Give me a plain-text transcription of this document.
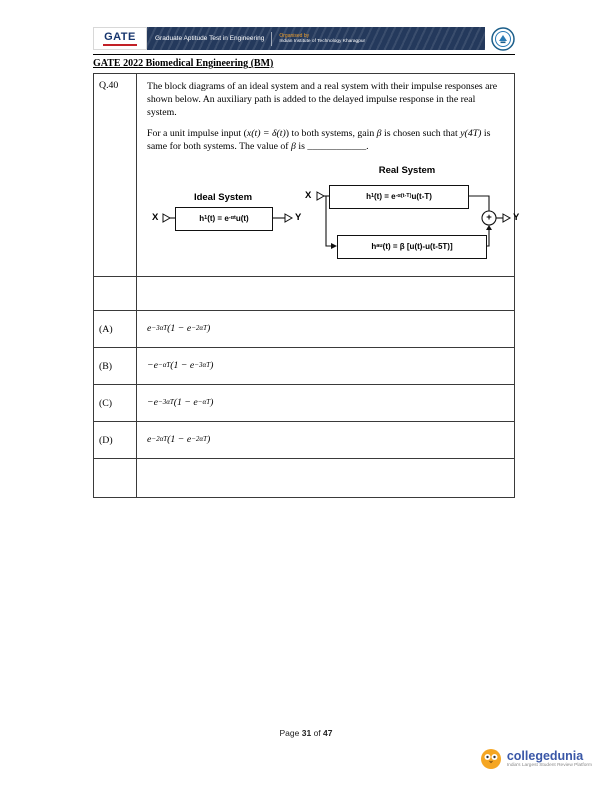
GATE	Graduate Aptitude Test in Engineering	Organised by
Indian Institute of Technology Kharagpur
GATE 2022 Biomedical Engineering (BM)
Q.40	The block diagrams of an ideal system and a real system with their impulse responses are shown below. An auxiliary path is added to the delayed impulse response in the real system.

For a unit impulse input (x(t) = δ(t)) to both systems, gain β is chosen such that y(4T) is same for both systems. The value of β is ____________.

Real System
Ideal System	X	h 1 (t) = e -α(t-T) u(t-T)
X	h 1 (t) = e -αt u(t)	Y
h au (t) = β [u(t)-u(t-5T)]
+	Y
(A)	e −3αT (1 − e −2αT )
(B)	−e −αT (1 − e −3αT )
(C)	−e −3αT (1 − e −αT )
(D)	e −2αT (1 − e −2αT )
Page 31 of 47
collegedunia
India's Largest Student Review Platform
